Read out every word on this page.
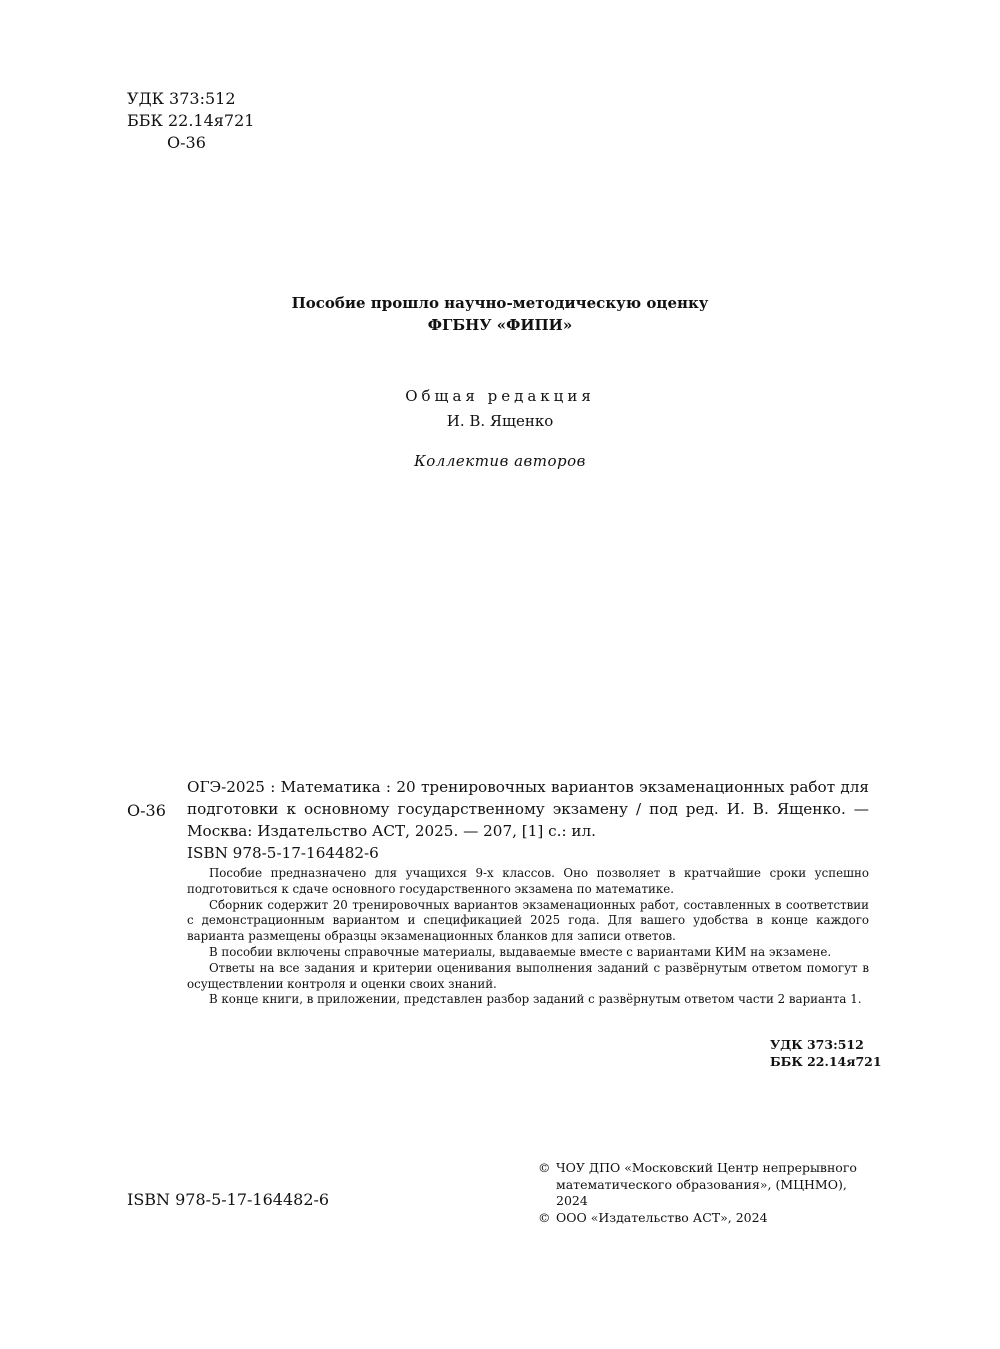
УДК 373:512
ББК 22.14я721
О-36
Пособие прошло научно-методическую оценку
ФГБНУ «ФИПИ»
Общая редакция
И. В. Ященко
Коллектив авторов
О-36

ОГЭ-2025 : Математика : 20 тренировочных вариантов экзаменационных работ для подготовки к основному государственному экзамену / под ред. И. В. Ященко. — Москва: Издательство АСТ, 2025. — 207, [1] с.: ил.

ISBN 978-5-17-164482-6

Пособие предназначено для учащихся 9-х классов. Оно позволяет в кратчайшие сроки успешно подготовиться к сдаче основного государственного экзамена по математике.

Сборник содержит 20 тренировочных вариантов экзаменационных работ, составленных в соответствии с демонстрационным вариантом и спецификацией 2025 года. Для вашего удобства в конце каждого варианта размещены образцы экзаменационных бланков для записи ответов.

В пособии включены справочные материалы, выдаваемые вместе с вариантами КИМ на экзамене.

Ответы на все задания и критерии оценивания выполнения заданий с развёрнутым ответом помогут в осуществлении контроля и оценки своих знаний.

В конце книги, в приложении, представлен разбор заданий с развёрнутым ответом части 2 варианта 1.

УДК 373:512
ББК 22.14я721
ISBN 978-5-17-164482-6
© ЧОУ ДПО «Московский Центр непрерывного
математического образования», (МЦНМО), 2024
© ООО «Издательство АСТ», 2024
